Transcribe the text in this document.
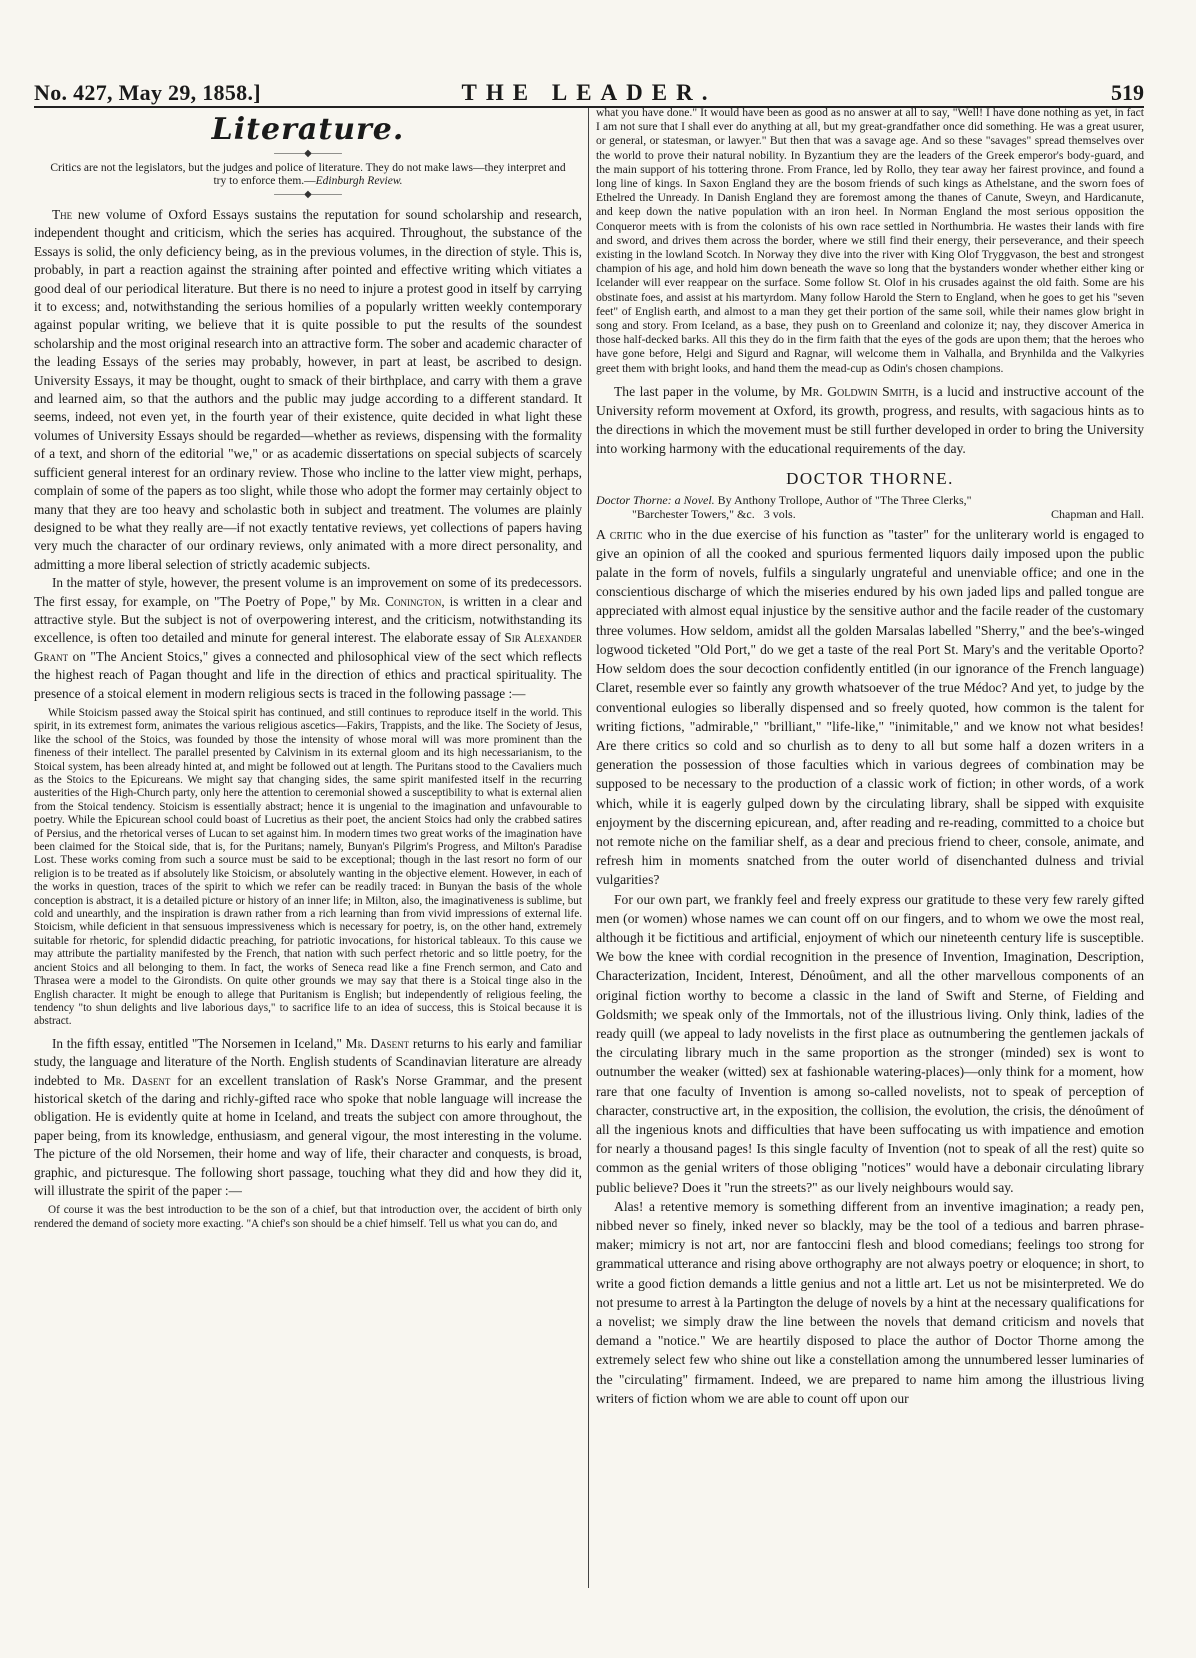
No. 427, May 29, 1858.]	THE LEADER.	519
Literature.
———◆———

Critics are not the legislators, but the judges and police of literature. They do not make laws—they interpret and try to enforce them.—Edinburgh Review.

———◆———

The new volume of Oxford Essays sustains the reputation for sound scholarship and research, independent thought and criticism, which the series has acquired. Throughout, the substance of the Essays is solid, the only deficiency being, as in the previous volumes, in the direction of style. This is, probably, in part a reaction against the straining after pointed and effective writing which vitiates a good deal of our periodical literature. But there is no need to injure a protest good in itself by carrying it to excess; and, notwithstanding the serious homilies of a popularly written weekly contemporary against popular writing, we believe that it is quite possible to put the results of the soundest scholarship and the most original research into an attractive form. The sober and academic character of the leading Essays of the series may probably, however, in part at least, be ascribed to design. University Essays, it may be thought, ought to smack of their birthplace, and carry with them a grave and learned aim, so that the authors and the public may judge according to a different standard. It seems, indeed, not even yet, in the fourth year of their existence, quite decided in what light these volumes of University Essays should be regarded—whether as reviews, dispensing with the formality of a text, and shorn of the editorial "we," or as academic dissertations on special subjects of scarcely sufficient general interest for an ordinary review. Those who incline to the latter view might, perhaps, complain of some of the papers as too slight, while those who adopt the former may certainly object to many that they are too heavy and scholastic both in subject and treatment. The volumes are plainly designed to be what they really are—if not exactly tentative reviews, yet collections of papers having very much the character of our ordinary reviews, only animated with a more direct personality, and admitting a more liberal selection of strictly academic subjects.

In the matter of style, however, the present volume is an improvement on some of its predecessors. The first essay, for example, on "The Poetry of Pope," by Mr. Conington, is written in a clear and attractive style. But the subject is not of overpowering interest, and the criticism, notwithstanding its excellence, is often too detailed and minute for general interest. The elaborate essay of Sir Alexander Grant on "The Ancient Stoics," gives a connected and philosophical view of the sect which reflects the highest reach of Pagan thought and life in the direction of ethics and practical spirituality. The presence of a stoical element in modern religious sects is traced in the following passage :—

While Stoicism passed away the Stoical spirit has continued, and still continues to reproduce itself in the world. This spirit, in its extremest form, animates the various religious ascetics—Fakirs, Trappists, and the like. The Society of Jesus, like the school of the Stoics, was founded by those the intensity of whose moral will was more prominent than the fineness of their intellect. The parallel presented by Calvinism in its external gloom and its high necessarianism, to the Stoical system, has been already hinted at, and might be followed out at length. The Puritans stood to the Cavaliers much as the Stoics to the Epicureans. We might say that changing sides, the same spirit manifested itself in the recurring austerities of the High-Church party, only here the attention to ceremonial showed a susceptibility to what is external alien from the Stoical tendency. Stoicism is essentially abstract; hence it is ungenial to the imagination and unfavourable to poetry. While the Epicurean school could boast of Lucretius as their poet, the ancient Stoics had only the crabbed satires of Persius, and the rhetorical verses of Lucan to set against him. In modern times two great works of the imagination have been claimed for the Stoical side, that is, for the Puritans; namely, Bunyan's Pilgrim's Progress, and Milton's Paradise Lost. These works coming from such a source must be said to be exceptional; though in the last resort no form of our religion is to be treated as if absolutely like Stoicism, or absolutely wanting in the objective element. However, in each of the works in question, traces of the spirit to which we refer can be readily traced: in Bunyan the basis of the whole conception is abstract, it is a detailed picture or history of an inner life; in Milton, also, the imaginativeness is sublime, but cold and unearthly, and the inspiration is drawn rather from a rich learning than from vivid impressions of external life. Stoicism, while deficient in that sensuous impressiveness which is necessary for poetry, is, on the other hand, extremely suitable for rhetoric, for splendid didactic preaching, for patriotic invocations, for historical tableaux. To this cause we may attribute the partiality manifested by the French, that nation with such perfect rhetoric and so little poetry, for the ancient Stoics and all belonging to them. In fact, the works of Seneca read like a fine French sermon, and Cato and Thrasea were a model to the Girondists. On quite other grounds we may say that there is a Stoical tinge also in the English character. It might be enough to allege that Puritanism is English; but independently of religious feeling, the tendency "to shun delights and live laborious days," to sacrifice life to an idea of success, this is Stoical because it is abstract.

In the fifth essay, entitled "The Norsemen in Iceland," Mr. Dasent returns to his early and familiar study, the language and literature of the North. English students of Scandinavian literature are already indebted to Mr. Dasent for an excellent translation of Rask's Norse Grammar, and the present historical sketch of the daring and richly-gifted race who spoke that noble language will increase the obligation. He is evidently quite at home in Iceland, and treats the subject con amore throughout, the paper being, from its knowledge, enthusiasm, and general vigour, the most interesting in the volume. The picture of the old Norsemen, their home and way of life, their character and conquests, is broad, graphic, and picturesque. The following short passage, touching what they did and how they did it, will illustrate the spirit of the paper :—

Of course it was the best introduction to be the son of a chief, but that introduction over, the accident of birth only rendered the demand of society more exacting. "A chief's son should be a chief himself. Tell us what you can do, and

what you have done." It would have been as good as no answer at all to say, "Well! I have done nothing as yet, in fact I am not sure that I shall ever do anything at all, but my great-grandfather once did something. He was a great usurer, or general, or statesman, or lawyer." But then that was a savage age. And so these "savages" spread themselves over the world to prove their natural nobility. In Byzantium they are the leaders of the Greek emperor's body-guard, and the main support of his tottering throne. From France, led by Rollo, they tear away her fairest province, and found a long line of kings. In Saxon England they are the bosom friends of such kings as Athelstane, and the sworn foes of Ethelred the Unready. In Danish England they are foremost among the thanes of Canute, Sweyn, and Hardicanute, and keep down the native population with an iron heel. In Norman England the most serious opposition the Conqueror meets with is from the colonists of his own race settled in Northumbria. He wastes their lands with fire and sword, and drives them across the border, where we still find their energy, their perseverance, and their speech existing in the lowland Scotch. In Norway they dive into the river with King Olof Tryggvason, the best and strongest champion of his age, and hold him down beneath the wave so long that the bystanders wonder whether either king or Icelander will ever reappear on the surface. Some follow St. Olof in his crusades against the old faith. Some are his obstinate foes, and assist at his martyrdom. Many follow Harold the Stern to England, when he goes to get his "seven feet" of English earth, and almost to a man they get their portion of the same soil, while their names glow bright in song and story. From Iceland, as a base, they push on to Greenland and colonize it; nay, they discover America in those half-decked barks. All this they do in the firm faith that the eyes of the gods are upon them; that the heroes who have gone before, Helgi and Sigurd and Ragnar, will welcome them in Valhalla, and Brynhilda and the Valkyries greet them with bright looks, and hand them the mead-cup as Odin's chosen champions.

The last paper in the volume, by Mr. Goldwin Smith, is a lucid and instructive account of the University reform movement at Oxford, its growth, progress, and results, with sagacious hints as to the directions in which the movement must be still further developed in order to bring the University into working harmony with the educational requirements of the day.

DOCTOR THORNE.
Doctor Thorne: a Novel. By Anthony Trollope, Author of "The Three Clerks,"
"Barchester Towers," &c. 3 vols.	Chapman and Hall.

A critic who in the due exercise of his function as "taster" for the unliterary world is engaged to give an opinion of all the cooked and spurious fermented liquors daily imposed upon the public palate in the form of novels, fulfils a singularly ungrateful and unenviable office; and one in the conscientious discharge of which the miseries endured by his own jaded lips and palled tongue are appreciated with almost equal injustice by the sensitive author and the facile reader of the customary three volumes. How seldom, amidst all the golden Marsalas labelled "Sherry," and the bee's-winged logwood ticketed "Old Port," do we get a taste of the real Port St. Mary's and the veritable Oporto? How seldom does the sour decoction confidently entitled (in our ignorance of the French language) Claret, resemble ever so faintly any growth whatsoever of the true Médoc? And yet, to judge by the conventional eulogies so liberally dispensed and so freely quoted, how common is the talent for writing fictions, "admirable," "brilliant," "life-like," "inimitable," and we know not what besides! Are there critics so cold and so churlish as to deny to all but some half a dozen writers in a generation the possession of those faculties which in various degrees of combination may be supposed to be necessary to the production of a classic work of fiction; in other words, of a work which, while it is eagerly gulped down by the circulating library, shall be sipped with exquisite enjoyment by the discerning epicurean, and, after reading and re-reading, committed to a choice but not remote niche on the familiar shelf, as a dear and precious friend to cheer, console, animate, and refresh him in moments snatched from the outer world of disenchanted dulness and trivial vulgarities?

For our own part, we frankly feel and freely express our gratitude to these very few rarely gifted men (or women) whose names we can count off on our fingers, and to whom we owe the most real, although it be fictitious and artificial, enjoyment of which our nineteenth century life is susceptible. We bow the knee with cordial recognition in the presence of Invention, Imagination, Description, Characterization, Incident, Interest, Dénoûment, and all the other marvellous components of an original fiction worthy to become a classic in the land of Swift and Sterne, of Fielding and Goldsmith; we speak only of the Immortals, not of the illustrious living. Only think, ladies of the ready quill (we appeal to lady novelists in the first place as outnumbering the gentlemen jackals of the circulating library much in the same proportion as the stronger (minded) sex is wont to outnumber the weaker (witted) sex at fashionable watering-places)—only think for a moment, how rare that one faculty of Invention is among so-called novelists, not to speak of perception of character, constructive art, in the exposition, the collision, the evolution, the crisis, the dénoûment of all the ingenious knots and difficulties that have been suffocating us with impatience and emotion for nearly a thousand pages! Is this single faculty of Invention (not to speak of all the rest) quite so common as the genial writers of those obliging "notices" would have a debonair circulating library public believe? Does it "run the streets?" as our lively neighbours would say.

Alas! a retentive memory is something different from an inventive imagination; a ready pen, nibbed never so finely, inked never so blackly, may be the tool of a tedious and barren phrase-maker; mimicry is not art, nor are fantoccini flesh and blood comedians; feelings too strong for grammatical utterance and rising above orthography are not always poetry or eloquence; in short, to write a good fiction demands a little genius and not a little art. Let us not be misinterpreted. We do not presume to arrest à la Partington the deluge of novels by a hint at the necessary qualifications for a novelist; we simply draw the line between the novels that demand criticism and novels that demand a "notice." We are heartily disposed to place the author of Doctor Thorne among the extremely select few who shine out like a constellation among the unnumbered lesser luminaries of the "circulating" firmament. Indeed, we are prepared to name him among the illustrious living writers of fiction whom we are able to count off upon our
